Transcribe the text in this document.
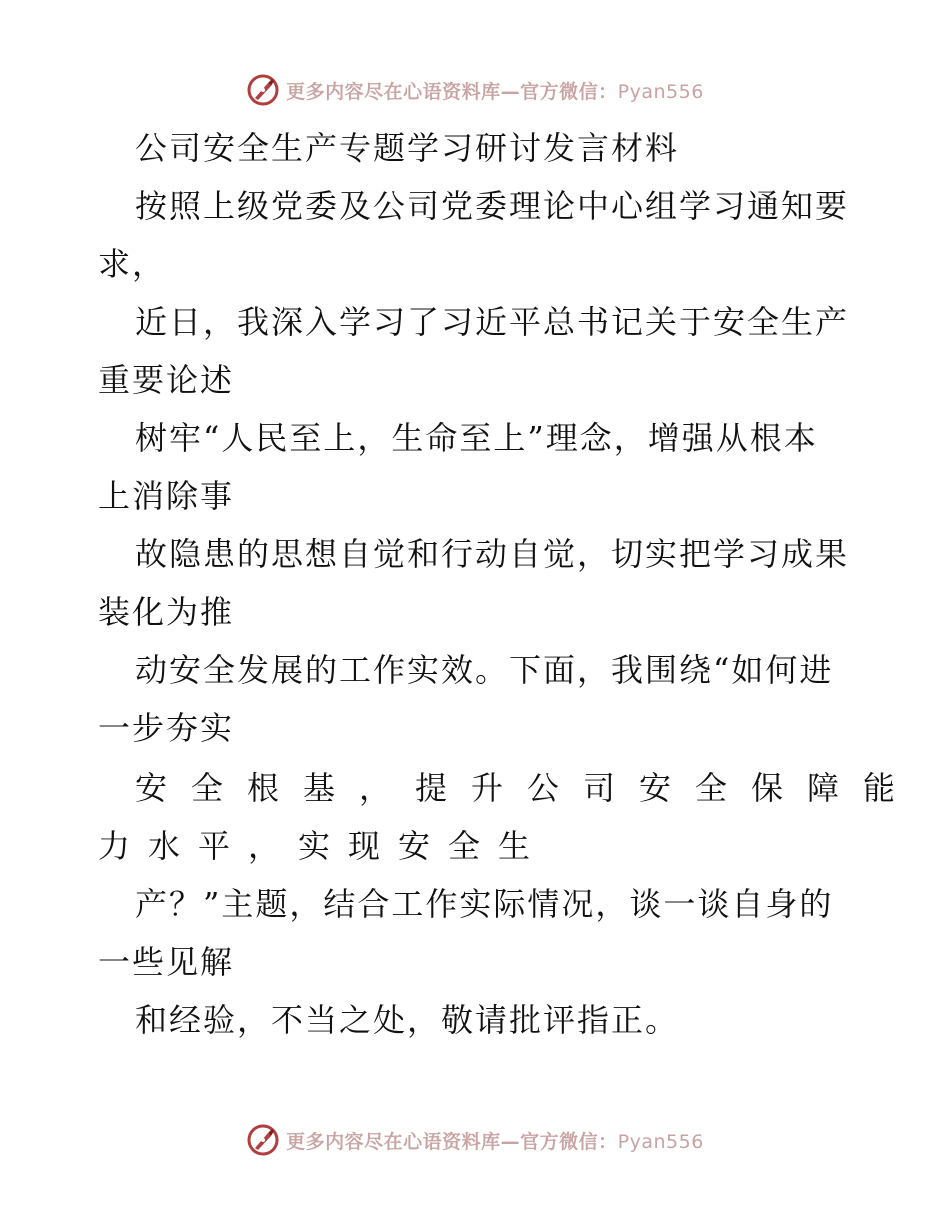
更多内容尽在心语资料库—官方微信：Pyan556
公司安全生产专题学习研讨发言材料
按照上级党委及公司党委理论中心组学习通知要
求，
近日，我深入学习了习近平总书记关于安全生产
重要论述
树牢“人民至上，生命至上”理念，增强从根本
上消除事
故隐患的思想自觉和行动自觉，切实把学习成果
装化为推
动安全发展的工作实效。下面，我围绕“如何进
一步夯实
安全根基，提升公司安全保障能
力水平，实现安全生
产？”主题，结合工作实际情况，谈一谈自身的
一些见解
和经验，不当之处，敬请批评指正。
更多内容尽在心语资料库—官方微信：Pyan556
